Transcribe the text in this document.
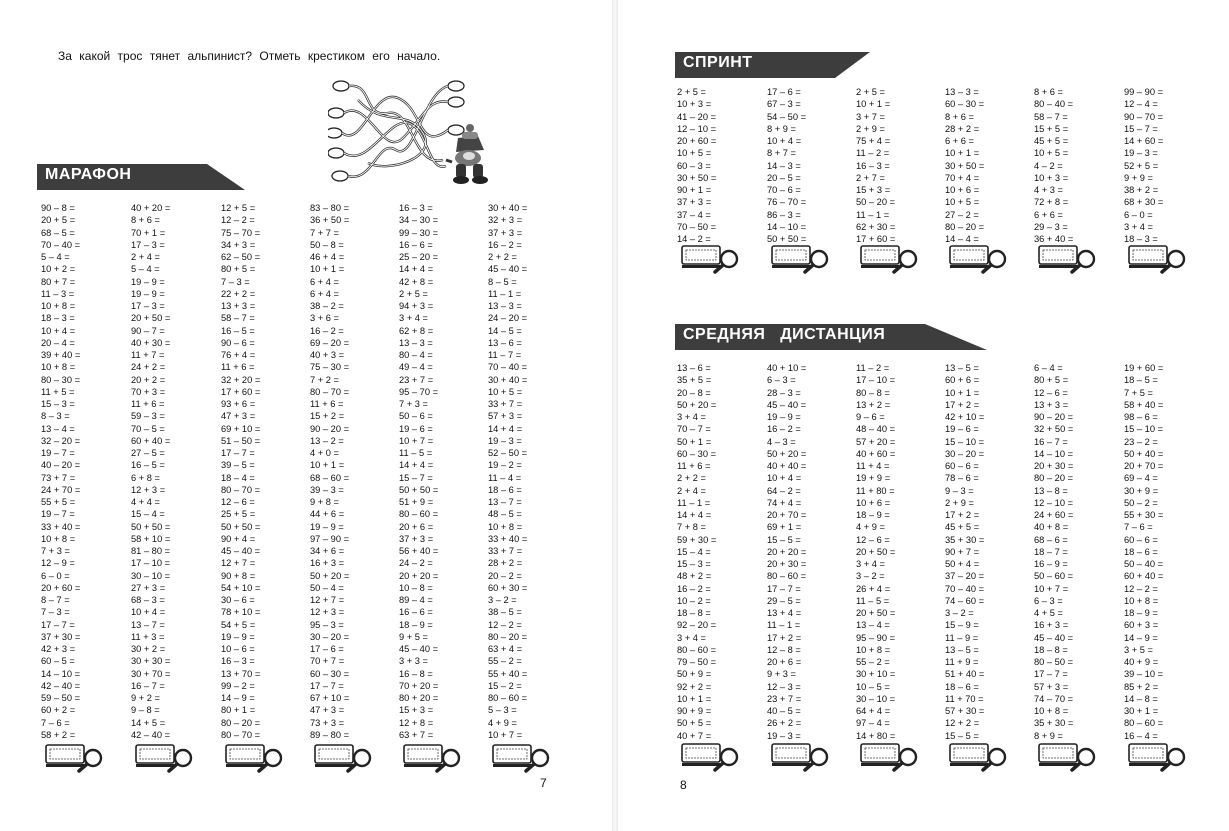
За какой трос тянет альпинист? Отметь крестиком его начало.
МАРАФОН
90 – 8 =
20 + 5 =
68 – 5 =
70 – 40 =
5 – 4 =
10 + 2 =
80 + 7 =
11 – 3 =
10 + 8 =
18 – 3 =
10 + 4 =
20 – 4 =
39 + 40 =
10 + 8 =
80 – 30 =
11 + 5 =
15 – 3 =
8 – 3 =
13 – 4 =
32 – 20 =
19 – 7 =
40 – 20 =
73 + 7 =
24 + 70 =
55 + 5 =
19 – 7 =
33 + 40 =
10 + 8 =
7 + 3 =
12 – 9 =
6 – 0 =
20 + 60 =
8 – 7 =
7 – 3 =
17 – 7 =
37 + 30 =
42 + 3 =
60 – 5 =
14 – 10 =
42 – 40 =
59 – 50 =
60 + 2 =
7 – 6 =
58 + 2 =
40 + 20 =
8 + 6 =
70 + 1 =
17 – 3 =
2 + 4 =
5 – 4 =
19 – 9 =
19 – 9 =
17 – 3 =
20 + 50 =
90 – 7 =
40 + 30 =
11 + 7 =
24 + 2 =
20 + 2 =
70 + 3 =
11 + 6 =
59 – 3 =
70 – 5 =
60 + 40 =
27 – 5 =
16 – 5 =
6 + 8 =
12 + 3 =
4 + 4 =
15 – 4 =
50 + 50 =
58 + 10 =
81 – 80 =
17 – 10 =
30 – 10 =
27 + 3 =
68 – 3 =
10 + 4 =
13 – 7 =
11 + 3 =
30 + 2 =
30 + 30 =
30 + 70 =
16 – 7 =
9 + 2 =
9 – 8 =
14 + 5 =
42 – 40 =
12 + 5 =
12 – 2 =
75 – 70 =
34 + 3 =
62 – 50 =
80 + 5 =
7 – 3 =
22 + 2 =
13 + 3 =
58 – 7 =
16 – 5 =
90 – 6 =
76 + 4 =
11 + 6 =
32 + 20 =
17 + 60 =
93 + 6 =
47 + 3 =
69 + 10 =
51 – 50 =
17 – 7 =
39 – 5 =
18 – 4 =
80 – 70 =
12 – 6 =
25 + 5 =
50 + 50 =
90 + 4 =
45 – 40 =
12 + 7 =
90 + 8 =
54 + 10 =
30 – 6 =
78 + 10 =
54 + 5 =
19 – 9 =
10 – 6 =
16 – 3 =
13 + 70 =
99 – 2 =
14 – 9 =
80 + 1 =
80 – 20 =
80 – 70 =
83 – 80 =
36 + 50 =
7 + 7 =
50 – 8 =
46 + 4 =
10 + 1 =
6 + 4 =
6 + 4 =
38 – 2 =
3 + 6 =
16 – 2 =
69 – 20 =
40 + 3 =
75 – 30 =
7 + 2 =
80 – 70 =
11 + 6 =
15 + 2 =
90 – 20 =
13 – 2 =
4 + 0 =
10 + 1 =
68 – 60 =
39 – 3 =
9 + 8 =
44 + 6 =
19 – 9 =
97 – 90 =
34 + 6 =
16 + 3 =
50 + 20 =
50 – 4 =
12 + 7 =
12 + 3 =
95 – 3 =
30 – 20 =
17 – 6 =
70 + 7 =
60 – 30 =
17 – 7 =
67 + 10 =
47 + 3 =
73 + 3 =
89 – 80 =
16 – 3 =
34 – 30 =
99 – 30 =
16 – 6 =
25 – 20 =
14 + 4 =
42 + 8 =
2 + 5 =
94 + 3 =
3 + 4 =
62 + 8 =
13 – 3 =
80 – 4 =
49 – 4 =
23 + 7 =
95 – 70 =
7 + 3 =
50 – 6 =
19 – 6 =
10 + 7 =
11 – 5 =
14 + 4 =
15 – 7 =
50 + 50 =
51 + 9 =
80 – 60 =
20 + 6 =
37 + 3 =
56 + 40 =
24 – 2 =
20 + 20 =
10 – 8 =
89 – 4 =
16 – 6 =
18 – 9 =
9 + 5 =
45 – 40 =
3 + 3 =
16 – 8 =
70 + 20 =
80 + 20 =
15 + 3 =
12 + 8 =
63 + 7 =
30 + 40 =
32 + 3 =
37 + 3 =
16 – 2 =
2 + 2 =
45 – 40 =
8 – 5 =
11 – 1 =
13 – 3 =
24 – 20 =
14 – 5 =
13 – 6 =
11 – 7 =
70 – 40 =
30 + 40 =
10 + 5 =
33 + 7 =
57 + 3 =
14 + 4 =
19 – 3 =
52 – 50 =
19 – 2 =
11 – 4 =
18 – 6 =
13 – 7 =
48 – 5 =
10 + 8 =
33 + 40 =
33 + 7 =
28 + 2 =
20 – 2 =
60 + 30 =
3 – 2 =
38 – 5 =
12 – 2 =
80 – 20 =
63 + 4 =
55 – 2 =
55 + 40 =
15 – 2 =
80 – 60 =
5 – 3 =
4 + 9 =
10 + 7 =
7
СПРИНТ
2 + 5 =
10 + 3 =
41 – 20 =
12 – 10 =
20 + 60 =
10 + 5 =
60 – 3 =
30 + 50 =
90 + 1 =
37 + 3 =
37 – 4 =
70 – 50 =
14 – 2 =
17 – 6 =
67 – 3 =
54 – 50 =
8 + 9 =
10 + 4 =
8 + 7 =
14 – 3 =
20 – 5 =
70 – 6 =
76 – 70 =
86 – 3 =
14 – 10 =
50 + 50 =
2 + 5 =
10 + 1 =
3 + 7 =
2 + 9 =
75 + 4 =
11 – 2 =
16 – 3 =
2 + 7 =
15 + 3 =
50 – 20 =
11 – 1 =
62 + 30 =
17 + 60 =
13 – 3 =
60 – 30 =
8 + 6 =
28 + 2 =
6 + 6 =
10 + 1 =
30 + 50 =
70 + 4 =
10 + 6 =
10 + 5 =
27 – 2 =
80 – 20 =
14 – 4 =
8 + 6 =
80 – 40 =
58 – 7 =
15 + 5 =
45 + 5 =
10 + 5 =
4 – 2 =
10 + 3 =
4 + 3 =
72 + 8 =
6 + 6 =
29 – 3 =
36 + 40 =
99 – 90 =
12 – 4 =
90 – 70 =
15 – 7 =
14 + 60 =
19 – 3 =
52 + 5 =
9 + 9 =
38 + 2 =
68 + 30 =
6 – 0 =
3 + 4 =
18 – 3 =
СРЕДНЯЯ   ДИСТАНЦИЯ
13 – 6 =
35 + 5 =
20 – 8 =
50 + 20 =
3 + 4 =
70 – 7 =
50 + 1 =
60 – 30 =
11 + 6 =
2 + 2 =
2 + 4 =
11 – 1 =
14 + 4 =
7 + 8 =
59 + 30 =
15 – 4 =
15 – 3 =
48 + 2 =
16 – 2 =
10 – 2 =
18 – 8 =
92 – 20 =
3 + 4 =
80 – 60 =
79 – 50 =
50 + 9 =
92 + 2 =
10 + 1 =
90 + 9 =
50 + 5 =
40 + 7 =
40 + 10 =
6 – 3 =
28 – 3 =
45 – 40 =
19 – 9 =
16 – 2 =
4 – 3 =
50 + 20 =
40 + 40 =
10 + 4 =
64 – 2 =
74 + 4 =
20 + 70 =
69 + 1 =
15 – 5 =
20 + 20 =
20 + 30 =
80 – 60 =
17 – 7 =
29 – 5 =
13 + 4 =
11 – 1 =
17 + 2 =
12 – 8 =
20 + 6 =
9 + 3 =
12 – 3 =
23 + 7 =
40 – 5 =
26 + 2 =
19 – 3 =
11 – 2 =
17 – 10 =
80 – 8 =
13 + 2 =
9 – 6 =
48 – 40 =
57 + 20 =
40 + 60 =
11 + 4 =
19 + 9 =
11 + 80 =
10 + 6 =
18 – 9 =
4 + 9 =
12 – 6 =
20 + 50 =
3 + 4 =
3 – 2 =
26 + 4 =
11 – 5 =
20 + 50 =
13 – 4 =
95 – 90 =
10 + 8 =
55 – 2 =
30 + 10 =
10 – 5 =
30 – 10 =
64 + 4 =
97 – 4 =
14 + 80 =
13 – 5 =
60 + 6 =
10 + 1 =
17 + 2 =
42 + 10 =
19 – 6 =
15 – 10 =
30 – 20 =
60 – 6 =
78 – 6 =
9 – 3 =
2 + 9 =
17 + 2 =
45 + 5 =
35 + 30 =
90 + 7 =
50 + 4 =
37 – 20 =
70 – 40 =
74 – 60 =
3 – 2 =
15 – 9 =
11 – 9 =
13 – 5 =
11 + 9 =
51 + 40 =
18 – 6 =
11 + 70 =
57 + 30 =
12 + 2 =
15 – 5 =
6 – 4 =
80 + 5 =
12 – 6 =
13 + 3 =
90 – 20 =
32 + 50 =
16 – 7 =
14 – 10 =
20 + 30 =
80 – 20 =
13 – 8 =
12 – 10 =
24 + 60 =
40 + 8 =
68 – 6 =
18 – 7 =
16 – 9 =
50 – 60 =
10 + 7 =
6 – 3 =
4 + 5 =
16 + 3 =
45 – 40 =
18 – 8 =
80 – 50 =
17 – 7 =
57 + 3 =
74 – 70 =
10 + 8 =
35 + 30 =
8 + 9 =
19 + 60 =
18 – 5 =
7 + 5 =
58 + 40 =
98 – 6 =
15 – 10 =
23 – 2 =
50 + 40 =
20 + 70 =
69 – 4 =
30 + 9 =
50 – 2 =
55 + 30 =
7 – 6 =
60 – 6 =
18 – 6 =
50 – 40 =
60 + 40 =
12 – 2 =
10 + 8 =
18 – 9 =
60 + 3 =
14 – 9 =
3 + 5 =
40 + 9 =
39 – 10 =
85 + 2 =
14 – 8 =
30 + 1 =
80 – 60 =
16 – 4 =
8
